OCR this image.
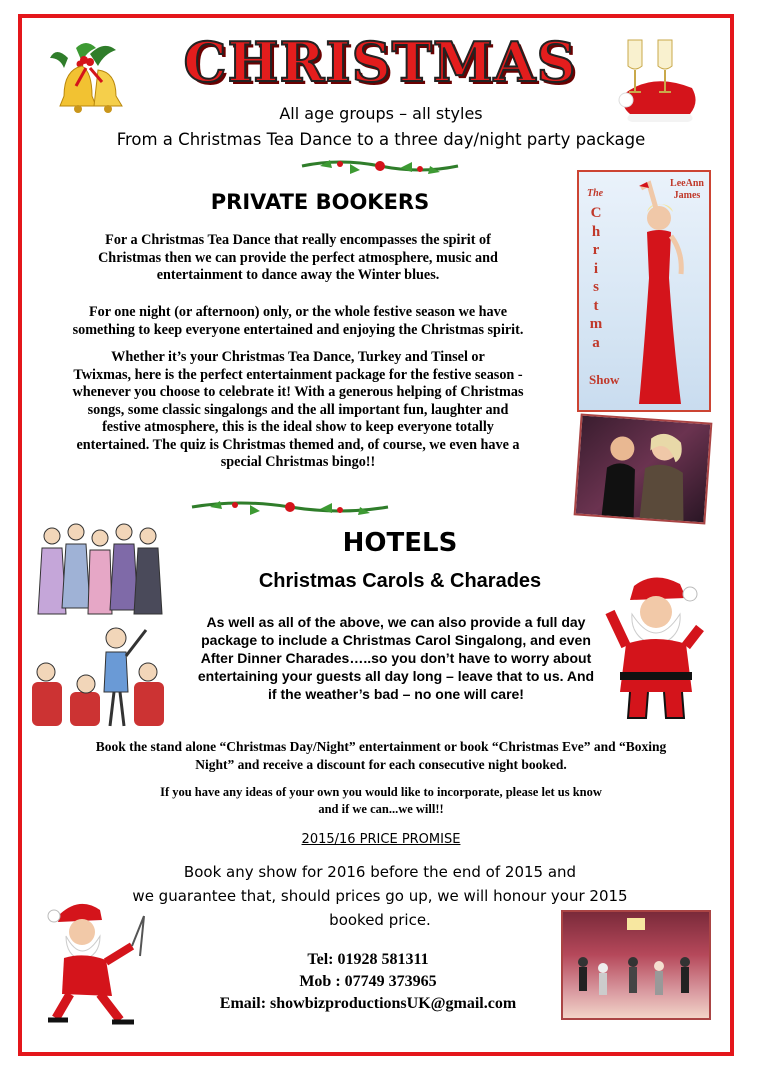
CHRISTMAS
All age groups – all styles
From a Christmas Tea Dance to a three day/night party package
PRIVATE BOOKERS
For a Christmas Tea Dance that really encompasses the spirit of
Christmas then we can provide the perfect atmosphere, music and
entertainment to dance away the Winter blues.
For one night (or afternoon) only, or the whole festive season we have
something to keep everyone entertained and enjoying the Christmas spirit.
Whether it’s your Christmas Tea Dance, Turkey and Tinsel or
Twixmas, here is the perfect entertainment package for the festive season -
whenever you choose to celebrate it! With a generous helping of Christmas
songs, some classic singalongs and the all important fun, laughter and
festive atmosphere, this is the ideal show to keep everyone totally
entertained. The quiz is Christmas themed and, of course, we even have a
special Christmas bingo!!
The
LeeAnn
James
C
h
r
i
s
t
m
a
Show
HOTELS
Christmas Carols & Charades
As well as all of the above, we can also provide a full day
package to include a Christmas Carol Singalong, and even
After Dinner Charades…..so you don’t have to worry about
entertaining your guests all day long – leave that to us. And
if the weather’s bad – no one will care!
Book the stand alone “Christmas Day/Night” entertainment or book “Christmas Eve” and “Boxing
Night” and receive a discount for each consecutive night booked.
If you have any ideas of your own you would like to incorporate, please let us know
and if we can...we will!!
2015/16 PRICE PROMISE
Book any show for 2016 before the end of 2015 and
we guarantee that, should prices go up, we will honour your 2015
booked price.
Tel: 01928 581311
Mob : 07749 373965
Email: showbizproductionsUK@gmail.com
